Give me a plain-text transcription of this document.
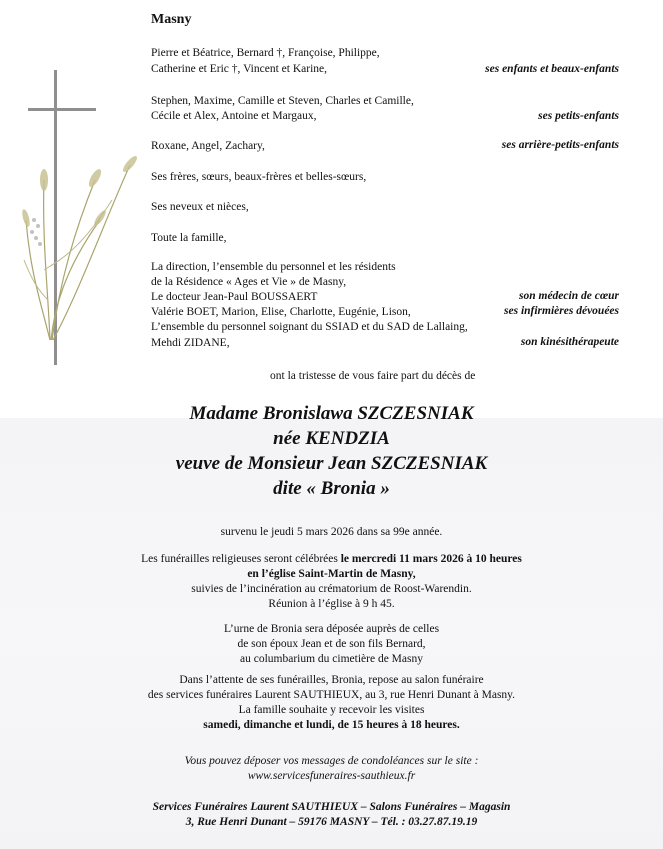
Masny
Pierre et Béatrice, Bernard †, Françoise, Philippe,
Catherine et Eric †, Vincent et Karine,	ses enfants et beaux-enfants
Stephen, Maxime, Camille et Steven, Charles et Camille,
Cécile et Alex, Antoine et Margaux,	ses petits-enfants
Roxane, Angel, Zachary,	ses arrière-petits-enfants
Ses frères, sœurs, beaux-frères et belles-sœurs,
Ses neveux et nièces,
Toute la famille,
La direction, l’ensemble du personnel et les résidents
de la Résidence « Ages et Vie » de Masny,
Le docteur Jean-Paul BOUSSAERT	son médecin de cœur
Valérie BOET, Marion, Elise, Charlotte, Eugénie, Lison,	ses infirmières dévouées
L’ensemble du personnel soignant du SSIAD et du SAD de Lallaing,
Mehdi ZIDANE,	son kinésithérapeute
ont la tristesse de vous faire part du décès de
Madame Bronislawa SZCZESNIAK
née KENDZIA
veuve de Monsieur Jean SZCZESNIAK
dite « Bronia »
survenu le jeudi 5 mars 2026 dans sa 99e année.
Les funérailles religieuses seront célébrées le mercredi 11 mars 2026 à 10 heures
en l’église Saint-Martin de Masny,
suivies de l’incinération au crématorium de Roost-Warendin.
Réunion à l’église à 9 h 45.
L’urne de Bronia sera déposée auprès de celles
de son époux Jean et de son fils Bernard,
au columbarium du cimetière de Masny
Dans l’attente de ses funérailles, Bronia, repose au salon funéraire
des services funéraires Laurent SAUTHIEUX, au 3, rue Henri Dunant à Masny.
La famille souhaite y recevoir les visites
samedi, dimanche et lundi, de 15 heures à 18 heures.
Vous pouvez déposer vos messages de condoléances sur le site :
www.servicesfuneraires-sauthieux.fr
Services Funéraires Laurent SAUTHIEUX – Salons Funéraires – Magasin
3, Rue Henri Dunant – 59176 MASNY – Tél. : 03.27.87.19.19
